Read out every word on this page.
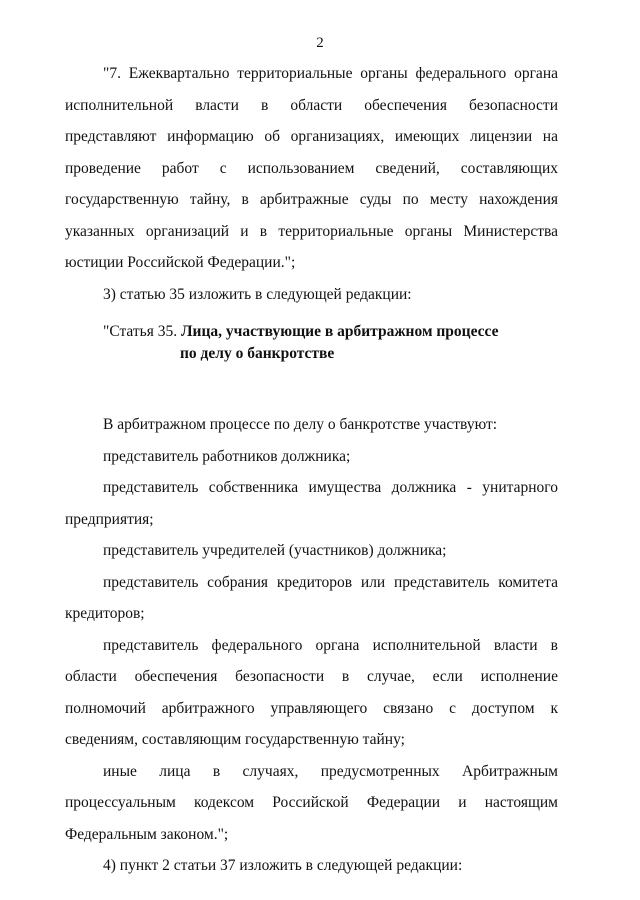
2

"7. Ежеквартально территориальные органы федерального органа исполнительной власти в области обеспечения безопасности представляют информацию об организациях, имеющих лицензии на проведение работ с использованием сведений, составляющих государственную тайну, в арбитражные суды по месту нахождения указанных организаций и в территориальные органы Министерства юстиции Российской Федерации.";

3) статью 35 изложить в следующей редакции:

"Статья 35. Лица, участвующие в арбитражном процессе
по делу о банкротстве

В арбитражном процессе по делу о банкротстве участвуют:

представитель работников должника;

представитель собственника имущества должника - унитарного предприятия;

представитель учредителей (участников) должника;

представитель собрания кредиторов или представитель комитета кредиторов;

представитель федерального органа исполнительной власти в области обеспечения безопасности в случае, если исполнение полномочий арбитражного управляющего связано с доступом к сведениям, составляющим государственную тайну;

иные лица в случаях, предусмотренных Арбитражным процессуальным кодексом Российской Федерации и настоящим Федеральным законом.";

4) пункт 2 статьи 37 изложить в следующей редакции:
